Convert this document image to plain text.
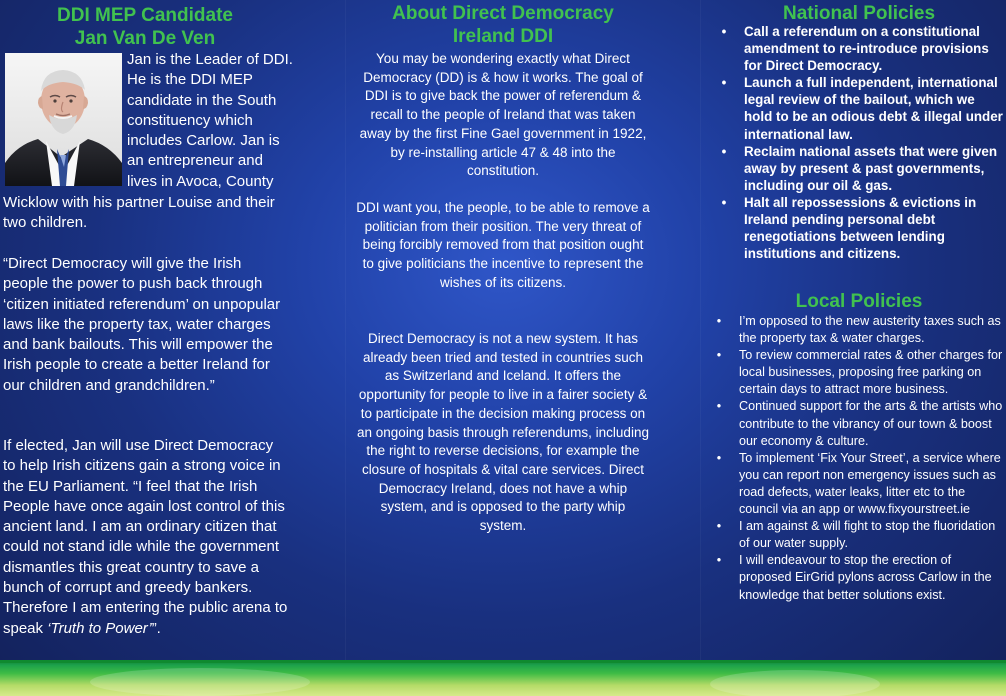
DDI MEP Candidate
Jan Van De Ven

Jan is the Leader of DDI. He is the DDI MEP candidate in the South constituency which includes Carlow. Jan is an entrepreneur and lives in Avoca, County

Wicklow with his partner Louise and their two children.

“Direct Democracy will give the Irish people the power to push back through ‘citizen initiated referendum’ on unpopular laws like the property tax, water charges and bank bailouts. This will empower the Irish people to create a better Ireland for our children and grandchildren.”

If elected, Jan will use Direct Democracy to help Irish citizens gain a strong voice in the EU Parliament. “I feel that the Irish People have once again lost control of this ancient land. I am an ordinary citizen that could not stand idle while the government dismantles this great country to save a bunch of corrupt and greedy bankers. Therefore I am entering the public arena to speak ‘Truth to Power’”.

About Direct Democracy
Ireland DDI

You may be wondering exactly what Direct Democracy (DD) is & how it works. The goal of DDI is to give back the power of referendum & recall to the people of Ireland that was taken away by the first Fine Gael government in 1922, by re-installing article 47 & 48 into the constitution.

DDI want you, the people, to be able to remove a politician from their position. The very threat of being forcibly removed from that position ought to give politicians the incentive to represent the wishes of its citizens.

Direct Democracy is not a new system. It has already been tried and tested in countries such as Switzerland and Iceland. It offers the opportunity for people to live in a fairer society & to participate in the decision making process on an ongoing basis through referendums, including the right to reverse decisions, for example the closure of hospitals & vital care services. Direct Democracy Ireland, does not have a whip system, and is opposed to the party whip system.

National Policies
•	Call a referendum on a constitutional amendment to re-introduce provisions for Direct Democracy.
•	Launch a full independent, international legal review of the bailout, which we hold to be an odious debt & illegal under international law.
•	Reclaim national assets that were given away by present & past governments, including our oil & gas.
•	Halt all repossessions & evictions in Ireland pending personal debt renegotiations between lending institutions and citizens.
Local Policies
•	I’m opposed to the new austerity taxes such as the property tax & water charges.
•	To review commercial rates & other charges for local businesses, proposing free parking on certain days to attract more business.
•	Continued support for the arts & the artists who contribute to the vibrancy of our town & boost our economy & culture.
•	To implement ‘Fix Your Street’, a service where you can report non emergency issues such as road defects, water leaks, litter etc to the council via an app or www.fixyourstreet.ie
•	I am against & will fight to stop the fluoridation of our water supply.
•	I will endeavour to stop the erection of proposed EirGrid pylons across Carlow in the knowledge that better solutions exist.
